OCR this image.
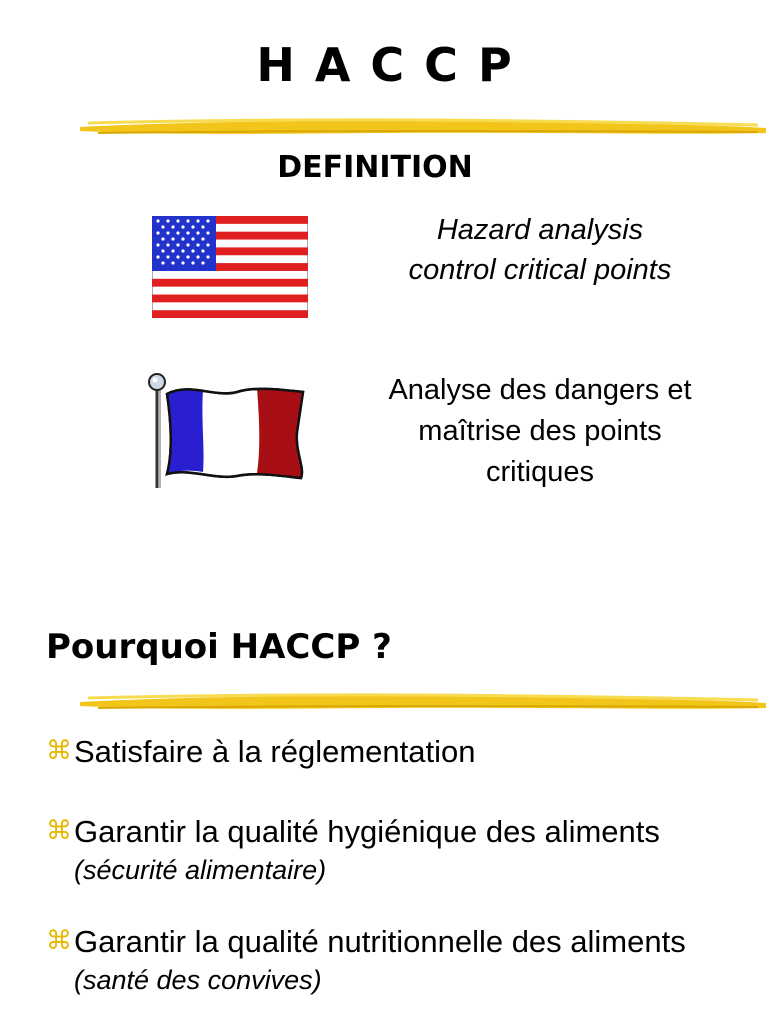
HACCP
DEFINITION
Hazard analysis
control critical points
Analyse des dangers et
maîtrise des points
critiques
Pourquoi HACCP ?
⌘ Satisfaire à la réglementation
⌘ Garantir la qualité hygiénique des aliments
(sécurité alimentaire)
⌘ Garantir la qualité nutritionnelle des aliments (santé des convives)
